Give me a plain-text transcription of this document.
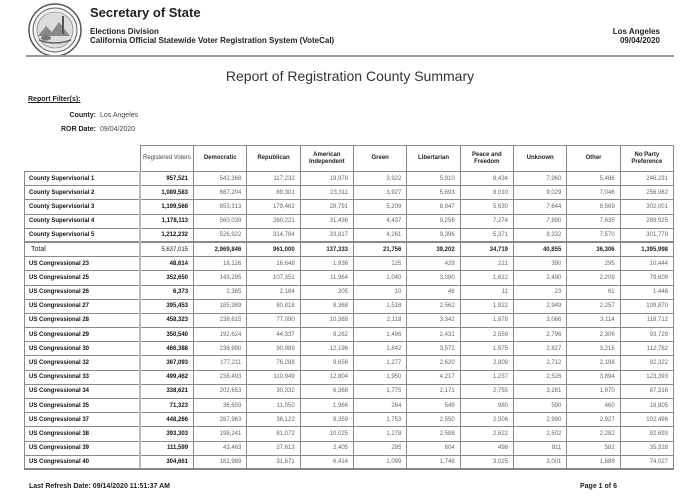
Secretary of State
Elections Division
California Official Statewide Voter Registration System (VoteCal)
Los Angeles
09/04/2020
Report of Registration County Summary
Report Filter(s):
County: Los Angeles
ROR Date: 09/04/2020
	Registered Voters	Democratic	Republican	American Independent	Green	Libertarian	Peace and Freedom	Unknown	Other	No Party Preference
County Supervisorial 1	957,521	542,368	117,232	19,978	3,922	5,910	8,434	7,960	5,486	246,231
County Supervisorial 2	1,089,583	687,204	89,301	23,311	3,927	5,693	8,010	9,029	7,046	256,062
County Supervisorial 3	1,199,566	653,313	179,462	28,791	5,209	8,947	5,630	7,644	8,569	302,001
County Supervisorial 4	1,178,113	560,039	260,221	31,436	4,437	9,256	7,274	7,890	7,635	289,925
County Supervisorial 5	1,212,232	526,922	314,784	33,817	4,261	9,396	5,371	8,332	7,570	301,779
Total	5,637,015	2,969,846	961,000	137,333	21,756	39,202	34,719	40,855	36,306	1,395,998
US Congressional 23	48,614	18,126	16,648	1,936	125	429	221	390	295	10,444
US Congressional 25	352,650	143,295	107,351	11,964	1,040	3,080	1,612	2,490	2,209	79,609
US Congressional 26	6,373	2,385	2,184	205	10	46	11	23	61	1,448
US Congressional 27	395,453	185,989	80,818	8,368	1,518	2,562	1,922	2,949	2,257	109,870
US Congressional 28	458,323	238,615	77,090	10,388	2,118	3,342	1,878	3,066	3,114	118,712
US Congressional 29	350,540	192,624	44,337	8,262	1,496	2,431	2,559	2,796	2,306	93,729
US Congressional 30	466,388	236,990	90,989	12,196	1,842	3,572	1,975	2,827	3,215	112,782
US Congressional 32	367,093	177,211	76,288	9,656	1,277	2,620	2,809	2,712	2,198	92,322
US Congressional 33	499,462	238,493	110,949	12,804	1,950	4,217	1,237	2,526	3,894	123,393
US Congressional 34	338,621	202,653	30,332	6,368	1,775	2,171	2,755	3,281	1,970	87,316
US Congressional 35	71,323	36,659	11,050	1,966	264	549	980	590	460	18,805
US Congressional 37	448,266	287,963	36,122	9,359	1,753	2,550	2,506	2,990	2,927	102,496
US Congressional 38	393,303	198,241	81,072	10,025	1,278	2,588	2,622	2,502	2,282	92,693
US Congressional 39	111,599	43,463	27,613	2,405	295	604	498	811	582	35,328
US Congressional 40	304,661	181,989	31,671	6,414	1,099	1,746	3,025	3,001	1,689	74,027
Last Refresh Date: 09/14/2020 11:51:37 AM	Page 1 of 6
